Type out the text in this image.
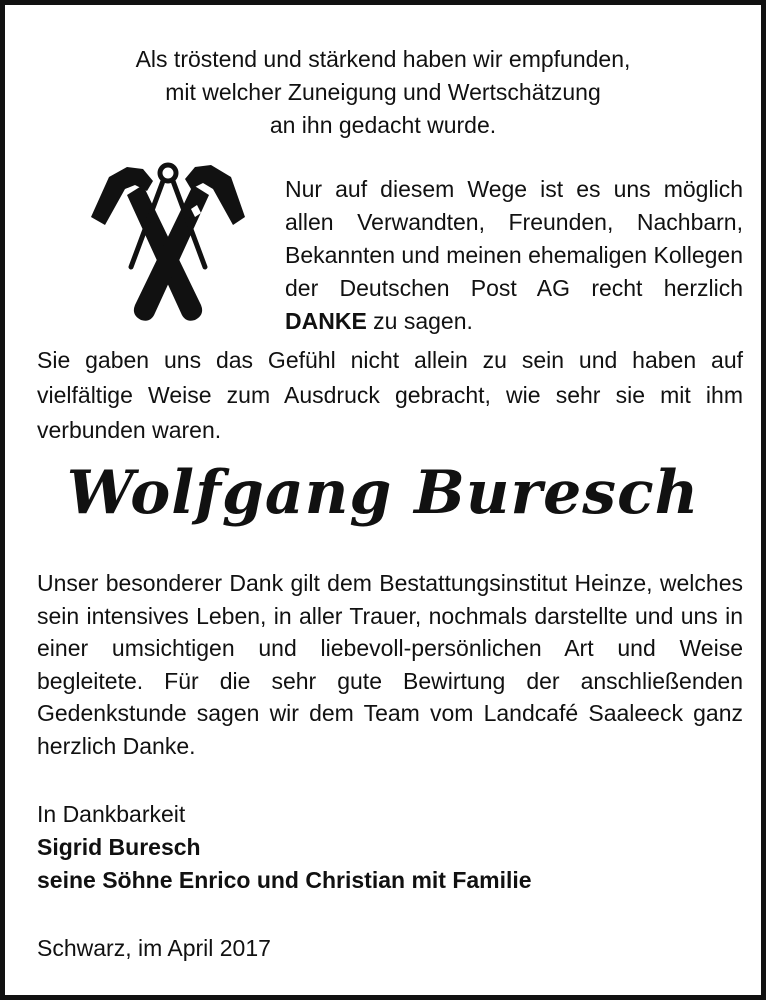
Als tröstend und stärkend haben wir empfunden,
mit welcher Zuneigung und Wertschätzung
an ihn gedacht wurde.
Nur auf diesem Wege ist es uns möglich allen Verwandten, Freunden, Nachbarn, Bekannten und meinen ehemaligen Kollegen der Deutschen Post AG recht herzlich DANKE zu sagen.
Sie gaben uns das Gefühl nicht allein zu sein und haben auf vielfältige Weise zum Ausdruck gebracht, wie sehr sie mit ihm verbunden waren.
Wolfgang Buresch
Unser besonderer Dank gilt dem Bestattungsinstitut Heinze, welches sein intensives Leben, in aller Trauer, nochmals darstellte und uns in einer umsichtigen und liebevoll-persönlichen Art und Weise begleitete. Für die sehr gute Bewirtung der anschließenden Gedenkstunde sagen wir dem Team vom Landcafé Saaleeck ganz herzlich Danke.
In Dankbarkeit
Sigrid Buresch
seine Söhne Enrico und Christian mit Familie
Schwarz, im April 2017
